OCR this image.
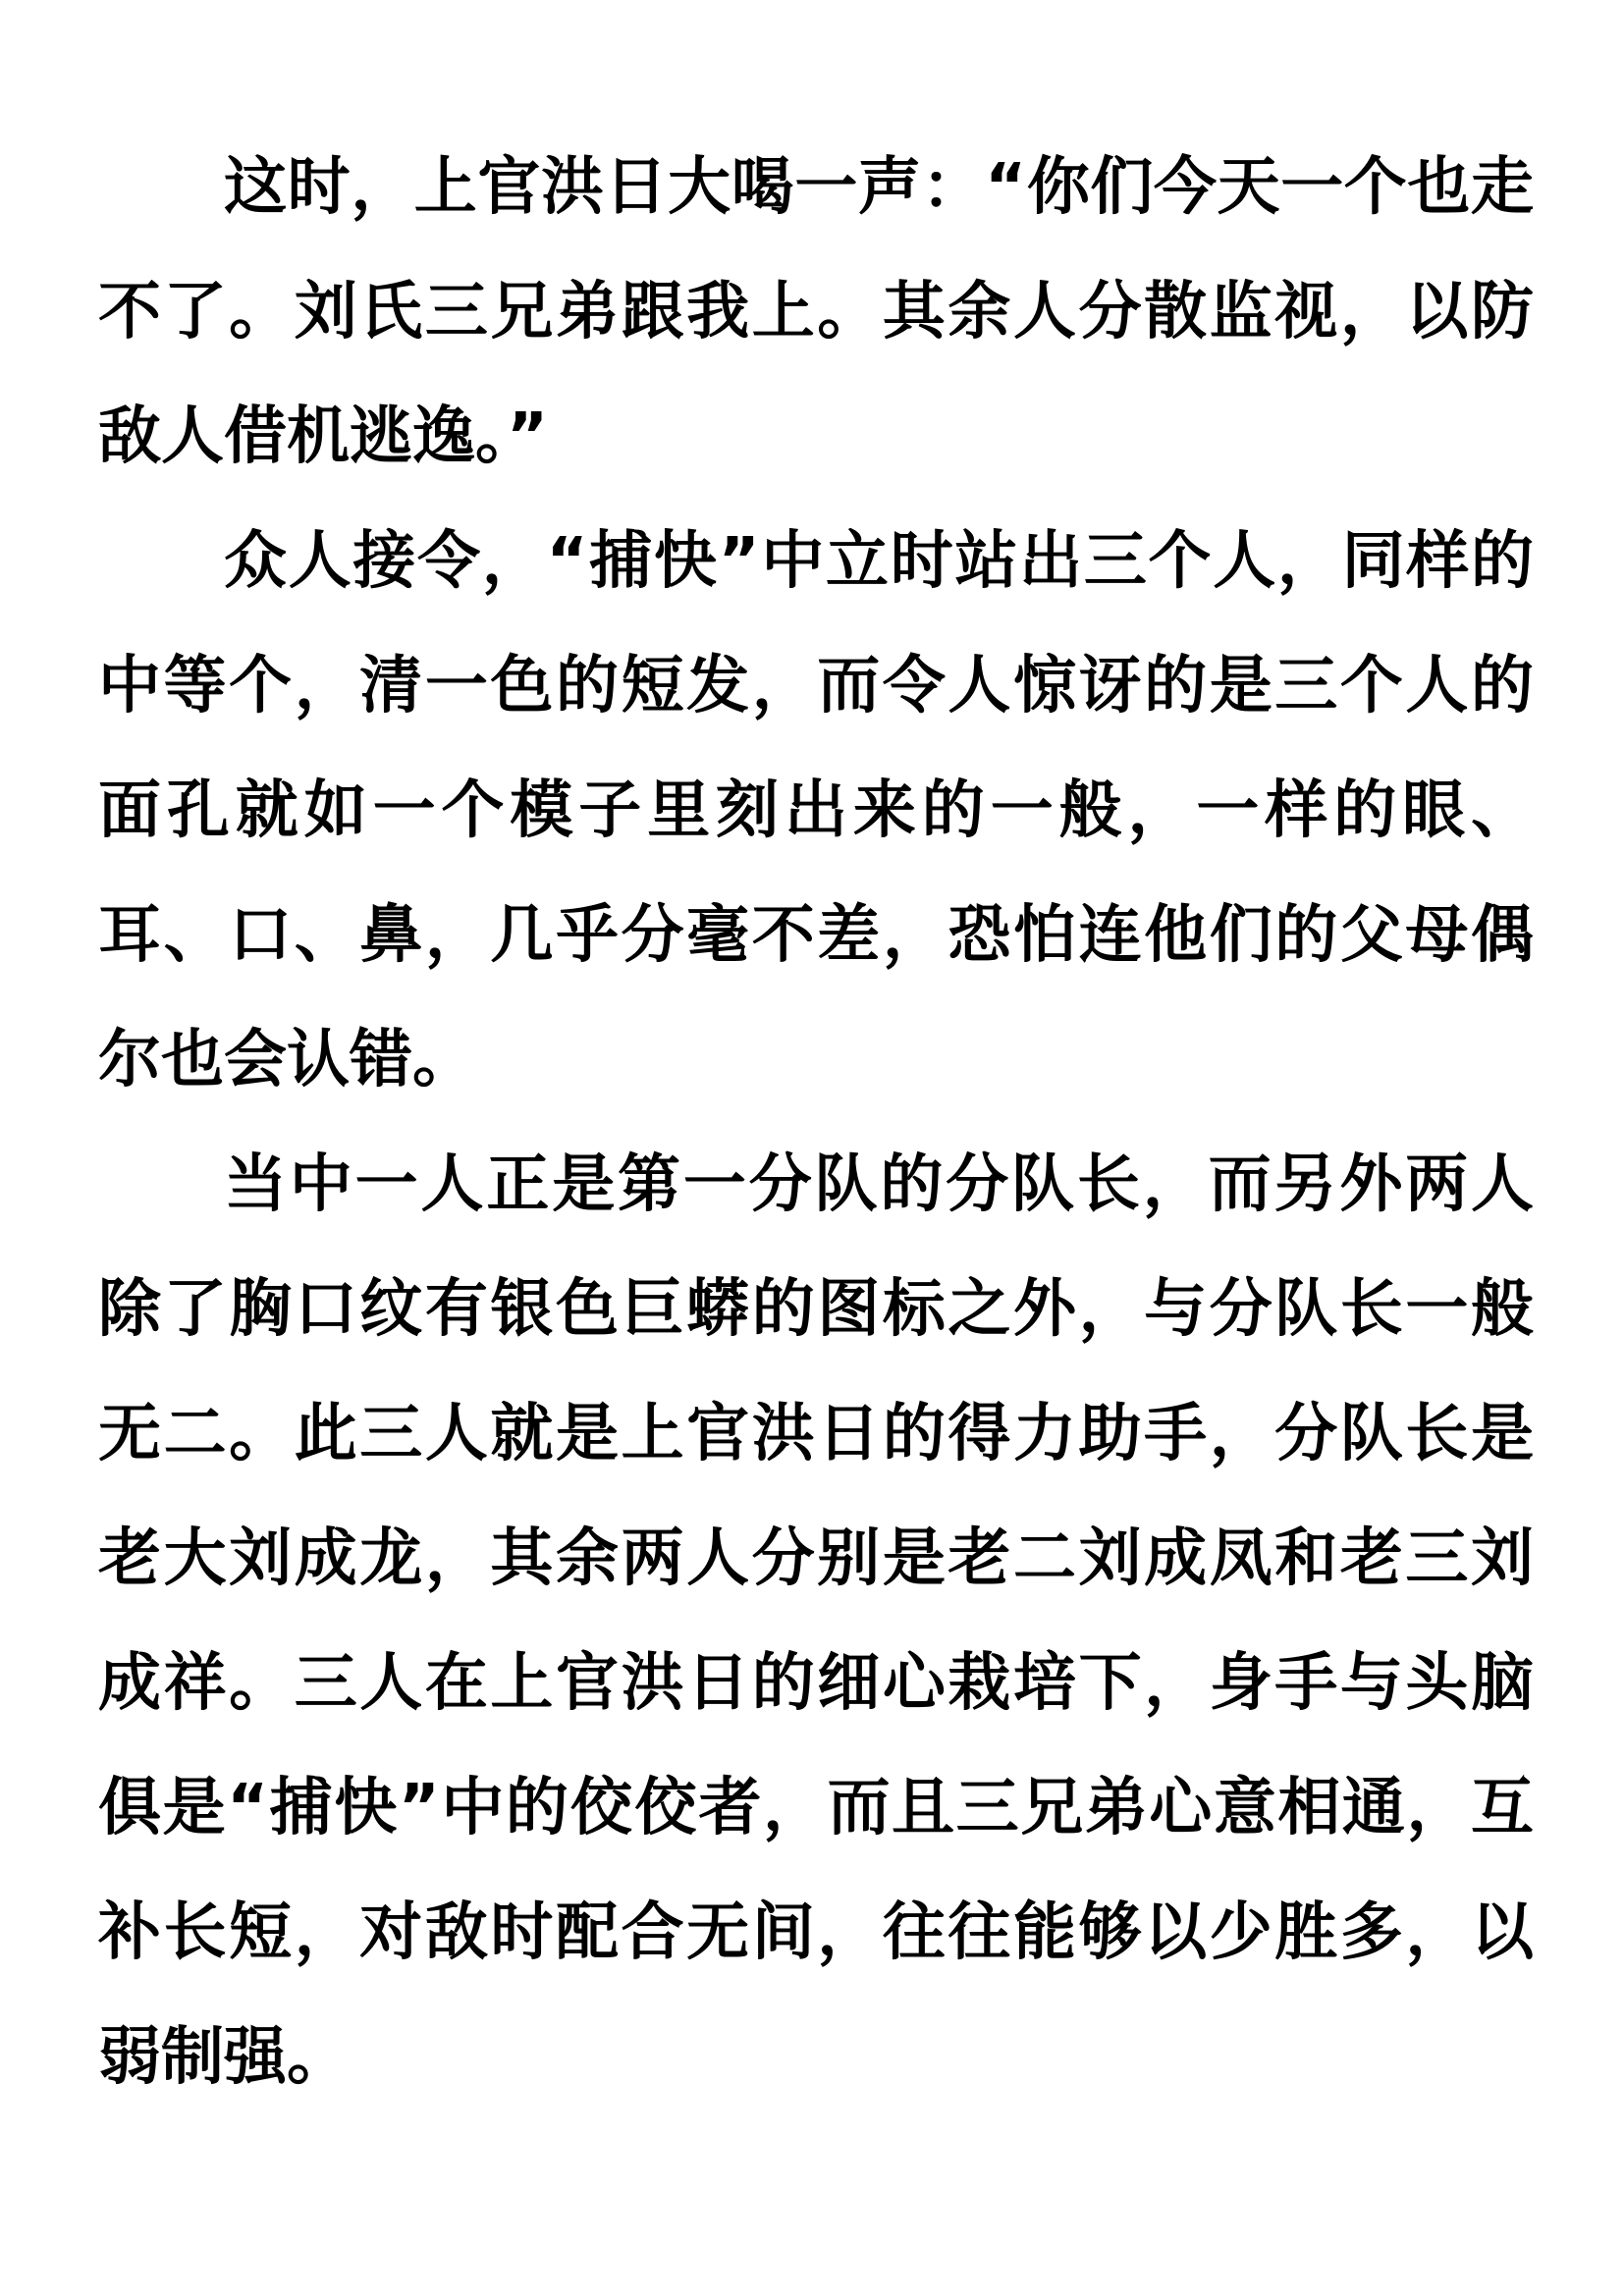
这时，上官洪日大喝一声：“你们今天一个也走不了。刘氏三兄弟跟我上。其余人分散监视，以防敌人借机逃逸。”

众人接令，“捕快”中立时站出三个人，同样的中等个，清一色的短发，而令人惊讶的是三个人的面孔就如一个模子里刻出来的一般，一样的眼、耳、口、鼻，几乎分毫不差，恐怕连他们的父母偶尔也会认错。

当中一人正是第一分队的分队长，而另外两人除了胸口纹有银色巨蟒的图标之外，与分队长一般无二。此三人就是上官洪日的得力助手，分队长是老大刘成龙，其余两人分别是老二刘成凤和老三刘成祥。三人在上官洪日的细心栽培下，身手与头脑俱是“捕快”中的佼佼者，而且三兄弟心意相通，互补长短，对敌时配合无间，往往能够以少胜多，以弱制强。
